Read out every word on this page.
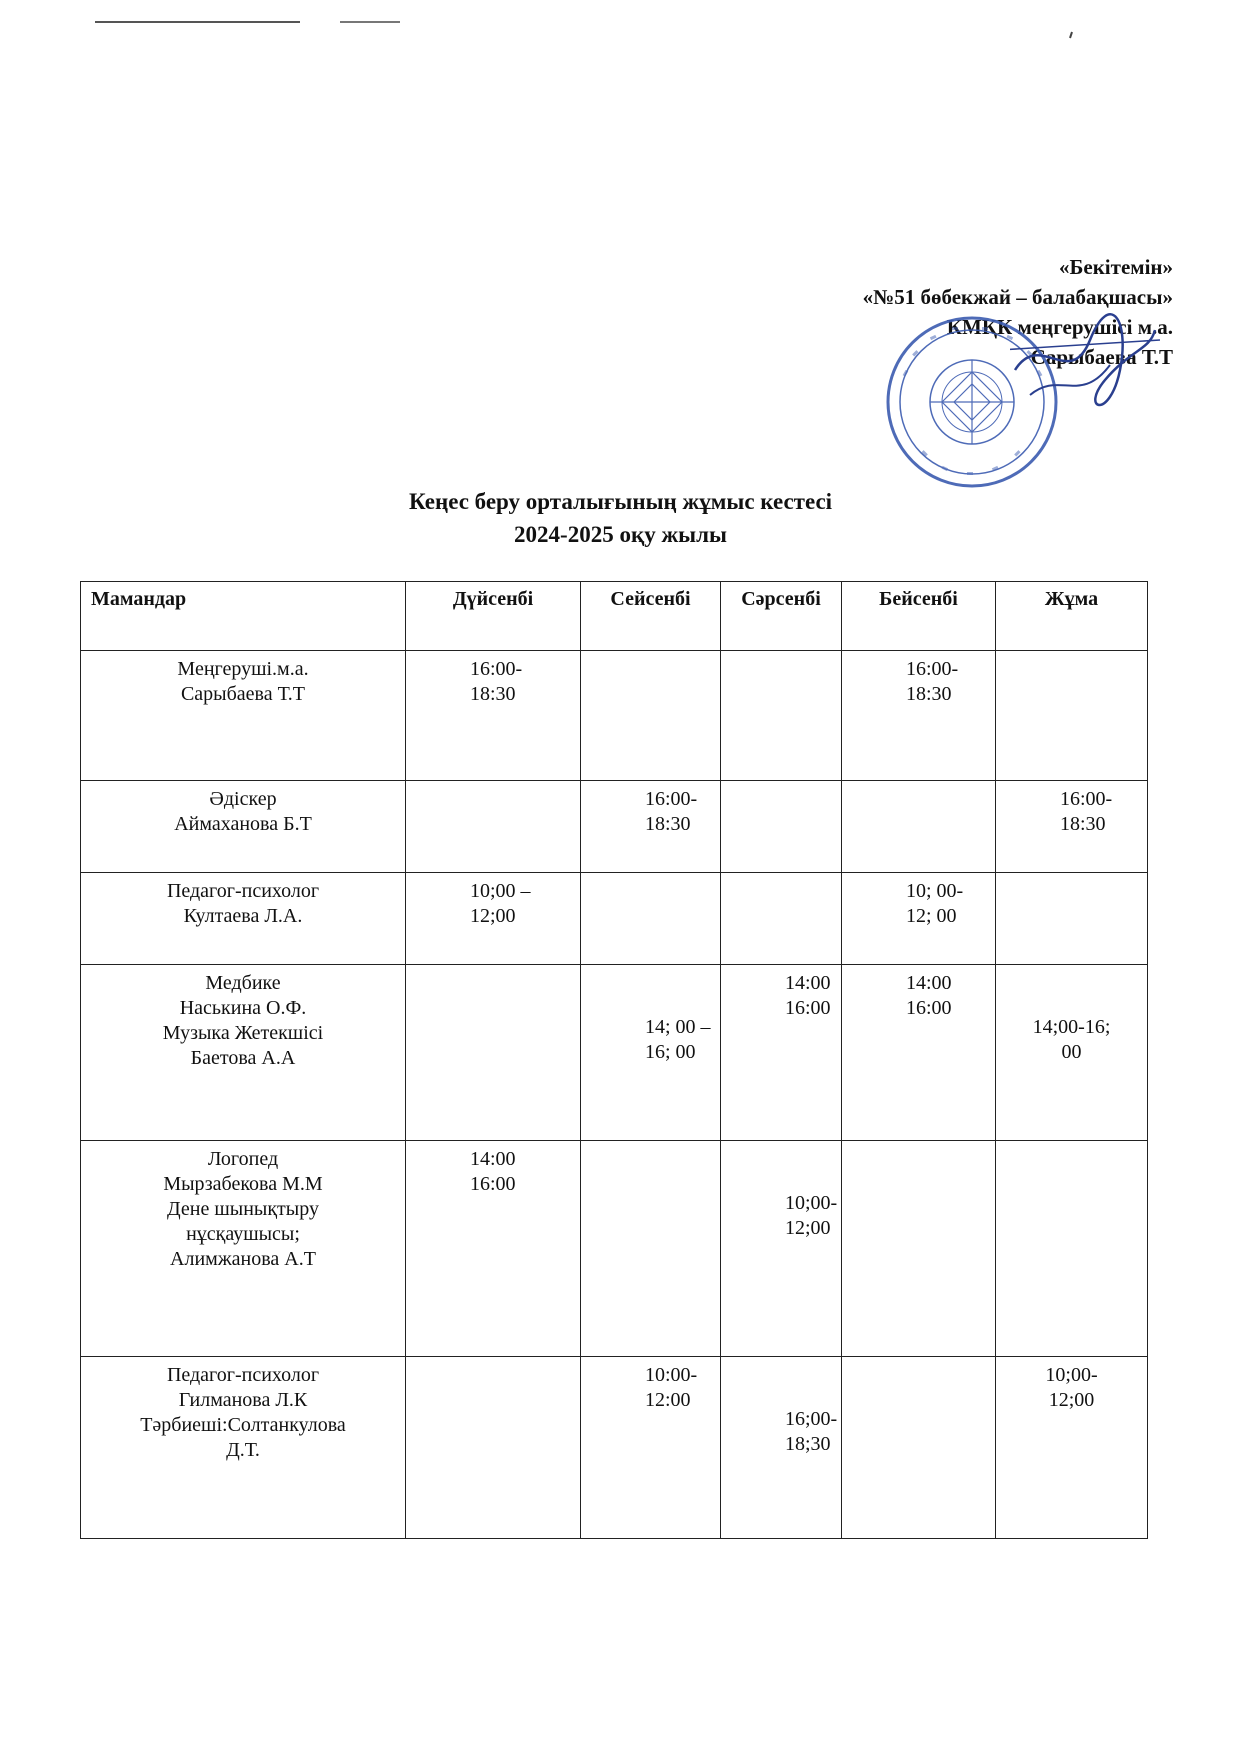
«Бекітемін»
«№51 бөбекжай – балабақшасы»
КМҚК меңгерушісі м.а.
Сарыбаева Т.Т
Кеңес беру орталығының жұмыс кестесі
2024-2025 оқу жылы
Мамандар	Дүйсенбі	Сейсенбі	Сәрсенбі	Бейсенбі	Жұма

Меңгеруші.м.а.
Сарыбаева Т.Т	16:00-
18:30			16:00-
18:30	

Әдіскер
Аймаханова Б.Т		16:00-
18:30			16:00-
18:30

Педагог-психолог
Култаева Л.А.	10;00 –
12;00			10; 00-
12; 00	

Медбике
Наськина О.Ф.
Музыка Жетекшісі
Баетова А.А		14; 00 –
16; 00	14:00
16:00	14:00
16:00	14;00-16;
00

Логопед
Мырзабекова М.М
Дене шынықтыру
нұсқаушысы;
Алимжанова А.Т	14:00
16:00		10;00-
12;00		

Педагог-психолог
Гилманова Л.К
Тәрбиеші:Солтанкулова
Д.Т.		10:00-
12:00	16;00-
18;30		10;00-
12;00
